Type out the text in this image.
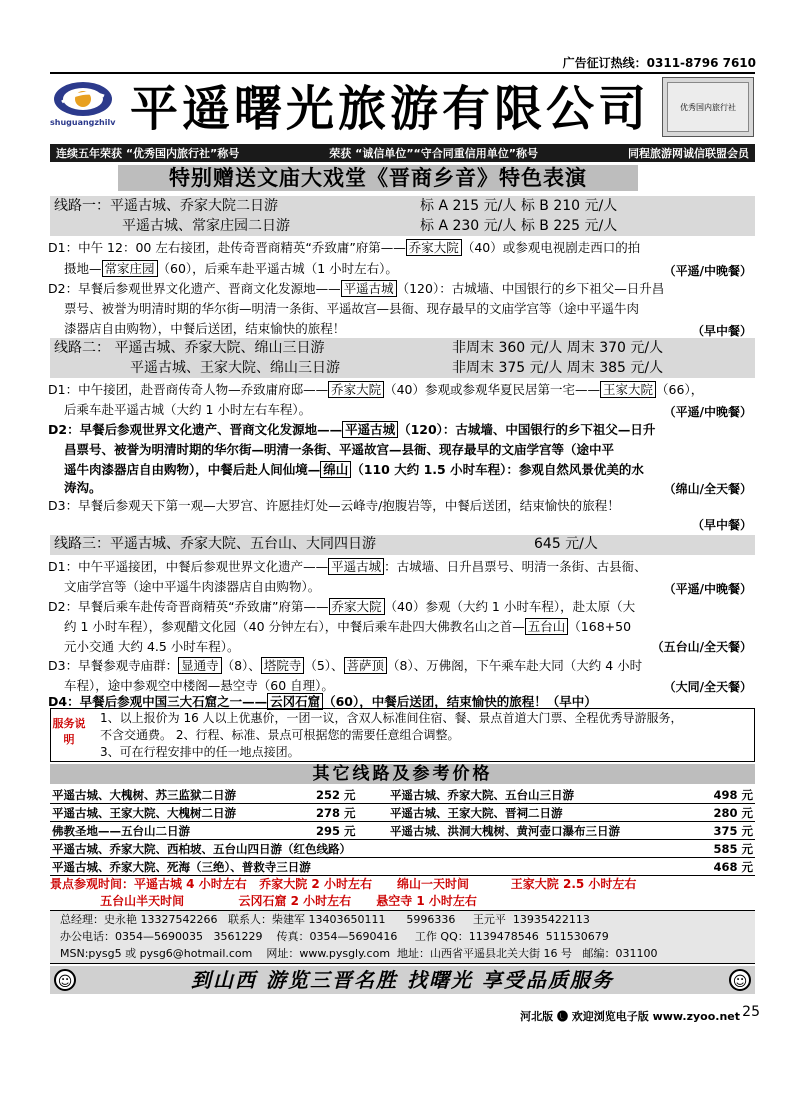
广告征订热线：0311-8796 7610
shuguangzhilv 平遥曙光旅游有限公司	优秀国内旅行社
连续五年荣获 “优秀国内旅行社”称号	荣获 “诚信单位”“守合同重信用单位”称号	同程旅游网诚信联盟会员
特别赠送文庙大戏堂《晋商乡音》特色表演
线路一：平遥古城、乔家大院二日游	标 A 215 元/人 标 B 210 元/人
平遥古城、常家庄园二日游	标 A 230 元/人 标 B 225 元/人
D1：中午 12：00 左右接团，赴传奇晋商精英“乔致庸”府第—— 乔家大院 （40）或参观电视剧走西口的拍
摄地— 常家庄园 （60），后乘车赴平遥古城（1 小时左右）。	（平遥/中晚餐）
D2：早餐后参观世界文化遗产、晋商文化发源地—— 平遥古城 （120）：古城墙、中国银行的乡下祖父—日升昌
票号、被誉为明清时期的华尔街—明清一条街、平遥故宫—县衙、现存最早的文庙学宫等（途中平遥牛肉
漆器店自由购物），中餐后送团，结束愉快的旅程！	（早中餐）
线路二： 平遥古城、乔家大院、绵山三日游	非周末 360 元/人 周末 370 元/人
平遥古城、王家大院、绵山三日游	非周末 375 元/人 周末 385 元/人
D1：中午接团，赴晋商传奇人物—乔致庸府邸—— 乔家大院 （40）参观或参观华夏民居第一宅—— 王家大院 （66），
后乘车赴平遥古城（大约 1 小时左右车程）。	（平遥/中晚餐）
D2：早餐后参观世界文化遗产、晋商文化发源地—— 平遥古城 （120）：古城墙、中国银行的乡下祖父—日升
昌票号、被誉为明清时期的华尔街—明清一条街、平遥故宫—县衙、现存最早的文庙学宫等（途中平
遥牛肉漆器店自由购物），中餐后赴人间仙境— 绵山 （110 大约 1.5 小时车程）：参观自然风景优美的水
涛沟。	（绵山/全天餐）
D3：早餐后参观天下第一观—大罗宫、许愿挂灯处—云峰寺/抱腹岩等，中餐后送团，结束愉快的旅程！
（早中餐）
线路三：平遥古城、乔家大院、五台山、大同四日游	645 元/人
D1：中午平遥接团，中餐后参观世界文化遗产—— 平遥古城 ：古城墙、日升昌票号、明清一条街、古县衙、
文庙学宫等（途中平遥牛肉漆器店自由购物）。	（平遥/中晚餐）
D2：早餐后乘车赴传奇晋商精英“乔致庸”府第—— 乔家大院 （40）参观（大约 1 小时车程），赴太原（大
约 1 小时车程），参观醋文化园（40 分钟左右），中餐后乘车赴四大佛教名山之首— 五台山 （168+50
元小交通 大约 4.5 小时车程）。	（五台山/全天餐）
D3：早餐参观寺庙群： 显通寺 （8）、 塔院寺 （5）、 菩萨顶 （8）、万佛阁，下午乘车赴大同（大约 4 小时
车程），途中参观空中楼阁—悬空寺（60 自理）。	（大同/全天餐）
D4：早餐后参观中国三大石窟之一—— 云冈石窟 （60），中餐后送团，结束愉快的旅程！（早中）
服务说明
1、以上报价为 16 人以上优惠价，一团一议，含双人标准间住宿、餐、景点首道大门票、全程优秀导游服务，
不含交通费。 2、行程、标准、景点可根据您的需要任意组合调整。
3、可在行程安排中的任一地点接团。
其它线路及参考价格
平遥古城、大槐树、苏三监狱二日游	252 元	平遥古城、乔家大院、五台山三日游	498 元
平遥古城、王家大院、大槐树二日游	278 元	平遥古城、王家大院、晋祠二日游	280 元
佛教圣地——五台山二日游	295 元	平遥古城、洪洞大槐树、黄河壶口瀑布三日游	375 元
平遥古城、乔家大院、西柏坡、五台山四日游（红色线路）			585 元
平遥古城、乔家大院、死海（三绝）、普救寺三日游			468 元
景点参观时间：平遥古城 4 小时左右   乔家大院 2 小时左右      绵山一天时间          王家大院 2.5 小时左右
五台山半天时间             云冈石窟 2 小时左右      悬空寺 1 小时左右
总经理：史永艳 13327542266   联系人：柴建军 13403650111      5996336     王元平  13935422113
办公电话：0354—5690035   3561229    传真：0354—5690416     工作 QQ：1139478546  511530679
MSN:pysg5 或 pysg6@hotmail.com    网址：www.pysgly.com  地址：山西省平遥县北关大街 16 号   邮编：031100
到山西 游览三晋名胜 找曙光 享受品质服务
☺	☺
河北版 🅤 欢迎浏览电子版 www.zyoo.net 25
